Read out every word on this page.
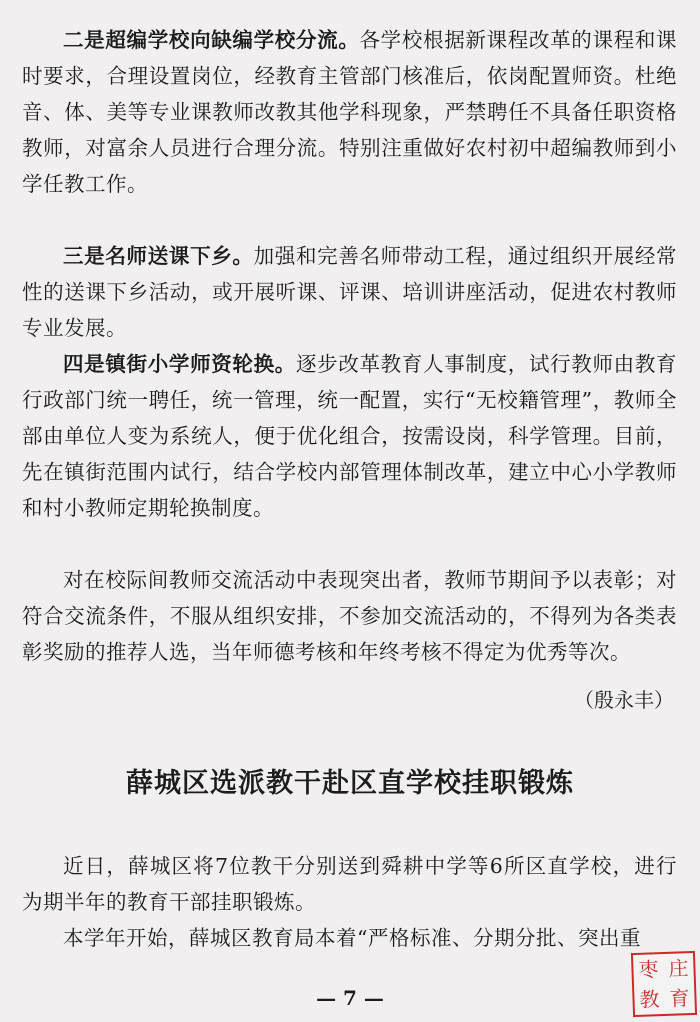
二是超编学校向缺编学校分流。各学校根据新课程改革的课程和课时要求，合理设置岗位，经教育主管部门核准后，依岗配置师资。杜绝音、体、美等专业课教师改教其他学科现象，严禁聘任不具备任职资格教师，对富余人员进行合理分流。特别注重做好农村初中超编教师到小学任教工作。

三是名师送课下乡。加强和完善名师带动工程，通过组织开展经常性的送课下乡活动，或开展听课、评课、培训讲座活动，促进农村教师专业发展。

四是镇街小学师资轮换。逐步改革教育人事制度，试行教师由教育行政部门统一聘任，统一管理，统一配置，实行“无校籍管理”，教师全部由单位人变为系统人，便于优化组合，按需设岗，科学管理。目前，先在镇街范围内试行，结合学校内部管理体制改革，建立中心小学教师和村小教师定期轮换制度。

对在校际间教师交流活动中表现突出者，教师节期间予以表彰；对符合交流条件，不服从组织安排，不参加交流活动的，不得列为各类表彰奖励的推荐人选，当年师德考核和年终考核不得定为优秀等次。

（殷永丰）
薛城区选派教干赴区直学校挂职锻炼

近日，薛城区将7位教干分别送到舜耕中学等6所区直学校，进行为期半年的教育干部挂职锻炼。

本学年开始，薛城区教育局本着“严格标准、分期分批、突出重

— 7 —
枣 庄
教 育
